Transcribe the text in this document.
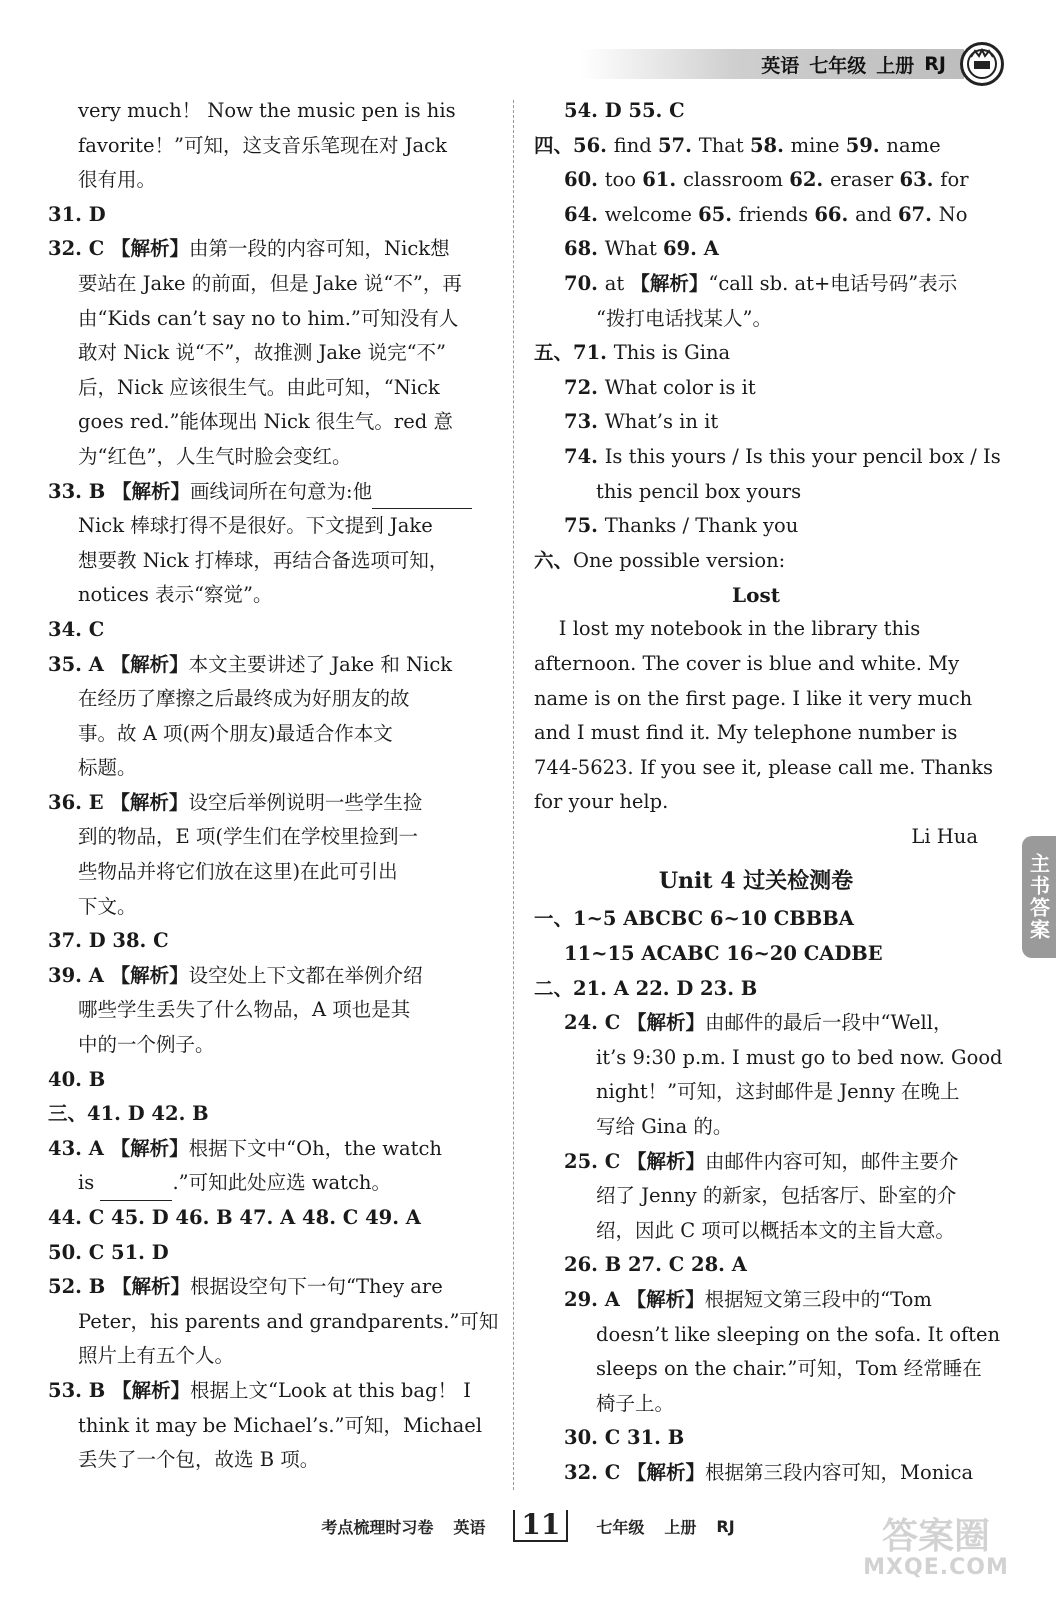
英语 七年级 上册 RJ
very much！ Now the music pen is his
favorite！”可知，这支音乐笔现在对 Jack
很有用。
31. D
32. C 【解析】由第一段的内容可知，Nick想
要站在 Jake 的前面，但是 Jake 说“不”，再
由“Kids can’t say no to him.”可知没有人
敢对 Nick 说“不”，故推测 Jake 说完“不”
后，Nick 应该很生气。由此可知，“Nick
goes red.”能体现出 Nick 很生气。red 意
为“红色”，人生气时脸会变红。
33. B 【解析】画线词所在句意为:他
Nick 棒球打得不是很好。下文提到 Jake
想要教 Nick 打棒球，再结合备选项可知，
notices 表示“察觉”。
34. C
35. A 【解析】本文主要讲述了 Jake 和 Nick
在经历了摩擦之后最终成为好朋友的故
事。故 A 项(两个朋友)最适合作本文
标题。
36. E 【解析】设空后举例说明一些学生捡
到的物品，E 项(学生们在学校里捡到一
些物品并将它们放在这里)在此可引出
下文。
37. D 38. C
39. A 【解析】设空处上下文都在举例介绍
哪些学生丢失了什么物品，A 项也是其
中的一个例子。
40. B
三、41. D 42. B
43. A 【解析】根据下文中“Oh，the watch
is	.”可知此处应选 watch。
44. C 45. D 46. B 47. A 48. C 49. A
50. C 51. D
52. B 【解析】根据设空句下一句“They are
Peter，his parents and grandparents.”可知
照片上有五个人。
53. B 【解析】根据上文“Look at this bag！ I
think it may be Michael’s.”可知，Michael
丢失了一个包，故选 B 项。
54. D 55. C
四、56. find 57. That 58. mine 59. name
60. too 61. classroom 62. eraser 63. for
64. welcome 65. friends 66. and 67. No
68. What 69. A
70. at 【解析】“call sb. at+电话号码”表示
“拨打电话找某人”。
五、71. This is Gina
72. What color is it
73. What’s in it
74. Is this yours / Is this your pencil box / Is
this pencil box yours
75. Thanks / Thank you
六、One possible version:
Lost
I lost my notebook in the library this
afternoon. The cover is blue and white. My
name is on the first page. I like it very much
and I must find it. My telephone number is
744-5623. If you see it, please call me. Thanks
for your help.
Li Hua
Unit 4 过关检测卷
一、1~5 ABCBC 6~10 CBBBA
11~15 ACABC 16~20 CADBE
二、21. A 22. D 23. B
24. C 【解析】由邮件的最后一段中“Well，
it’s 9:30 p.m. I must go to bed now. Good
night！”可知，这封邮件是 Jenny 在晚上
写给 Gina 的。
25. C 【解析】由邮件内容可知，邮件主要介
绍了 Jenny 的新家，包括客厅、卧室的介
绍，因此 C 项可以概括本文的主旨大意。
26. B 27. C 28. A
29. A 【解析】根据短文第三段中的“Tom
doesn’t like sleeping on the sofa. It often
sleeps on the chair.”可知，Tom 经常睡在
椅子上。
30. C 31. B
32. C 【解析】根据第三段内容可知，Monica
主书答案
考点梳理时习卷 英语 11	七年级 上册 RJ	答案圈
MXQE.COM
